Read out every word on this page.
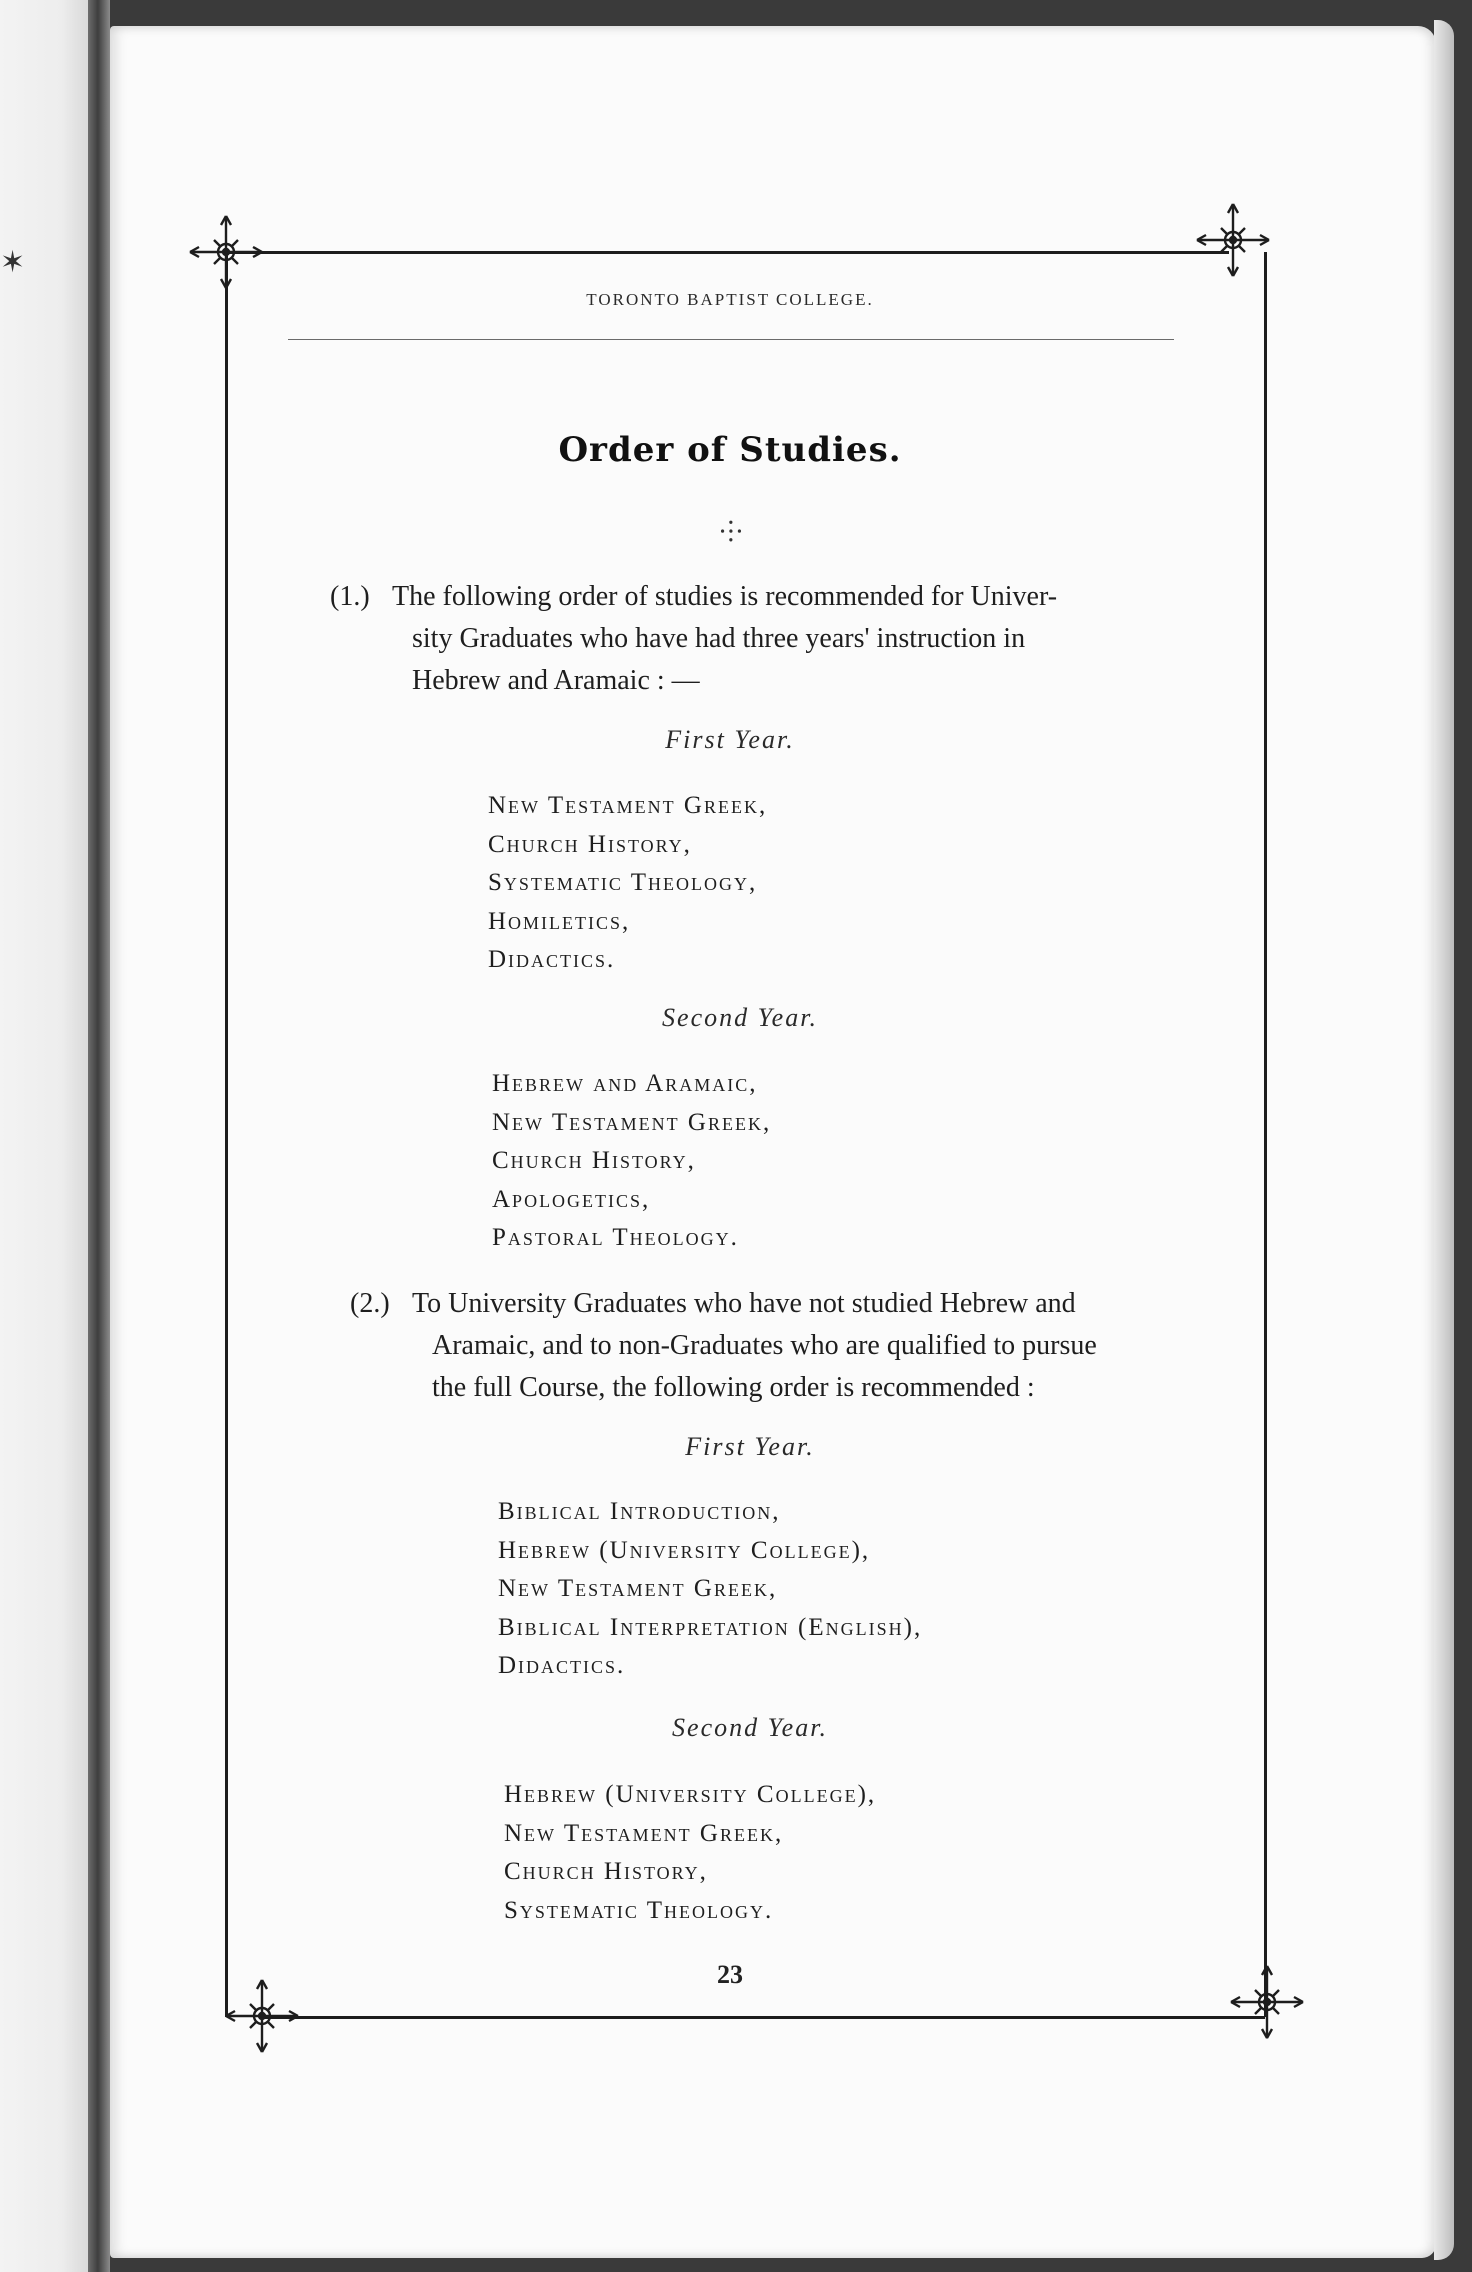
✶
TORONTO BAPTIST COLLEGE.
Order of Studies.
⸭
(1.) The following order of studies is recommended for Univer-
sity Graduates who have had three years' instruction in
Hebrew and Aramaic : —
First Year.
New Testament Greek,
Church History,
Systematic Theology,
Homiletics,
Didactics.
Second Year.
Hebrew and Aramaic,
New Testament Greek,
Church History,
Apologetics,
Pastoral Theology.
(2.) To University Graduates who have not studied Hebrew and
Aramaic, and to non-Graduates who are qualified to pursue
the full Course, the following order is recommended :
First Year.
Biblical Introduction,
Hebrew (University College),
New Testament Greek,
Biblical Interpretation (English),
Didactics.
Second Year.
Hebrew (University College),
New Testament Greek,
Church History,
Systematic Theology.
23
